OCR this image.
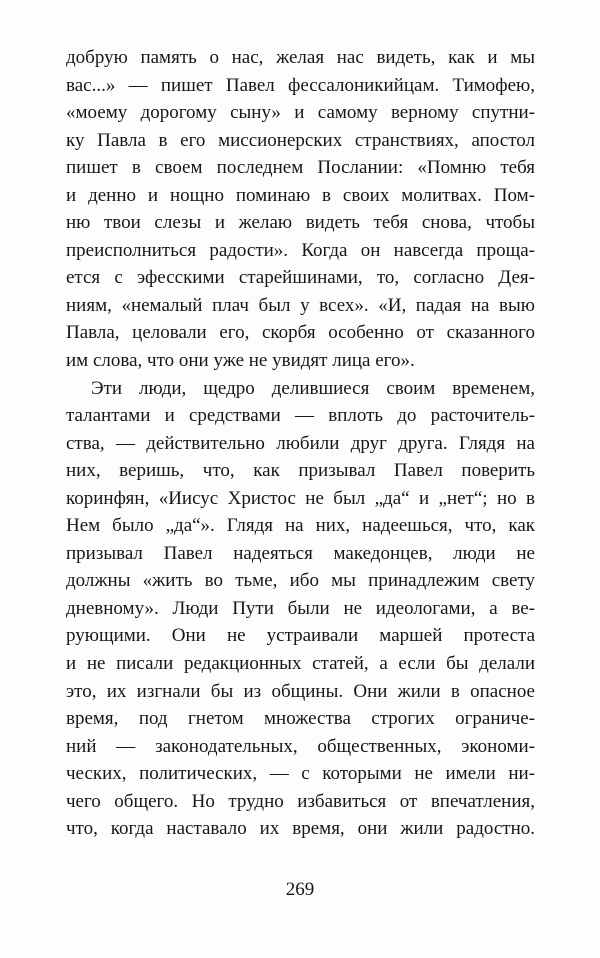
добрую память о нас, желая нас видеть, как и мы
вас...» — пишет Павел фессалоникийцам. Тимофею,
«моему дорогому сыну» и самому верному спутни-
ку Павла в его миссионерских странствиях, апостол
пишет в своем последнем Послании: «Помню тебя
и денно и нощно поминаю в своих молитвах. Пом-
ню твои слезы и желаю видеть тебя снова, чтобы
преисполниться радости». Когда он навсегда проща-
ется с эфесскими старейшинами, то, согласно Дея-
ниям, «немалый плач был у всех». «И, падая на выю
Павла, целовали его, скорбя особенно от сказанного
им слова, что они уже не увидят лица его».
Эти люди, щедро делившиеся своим временем,
талантами и средствами — вплоть до расточитель-
ства, — действительно любили друг друга. Глядя на
них, веришь, что, как призывал Павел поверить
коринфян, «Иисус Христос не был „да“ и „нет“; но в
Нем было „да“». Глядя на них, надеешься, что, как
призывал Павел надеяться македонцев, люди не
должны «жить во тьме, ибо мы принадлежим свету
дневному». Люди Пути были не идеологами, а ве-
рующими. Они не устраивали маршей протеста
и не писали редакционных статей, а если бы делали
это, их изгнали бы из общины. Они жили в опасное
время, под гнетом множества строгих ограниче-
ний — законодательных, общественных, экономи-
ческих, политических, — с которыми не имели ни-
чего общего. Но трудно избавиться от впечатления,
что, когда наставало их время, они жили радостно.
269
